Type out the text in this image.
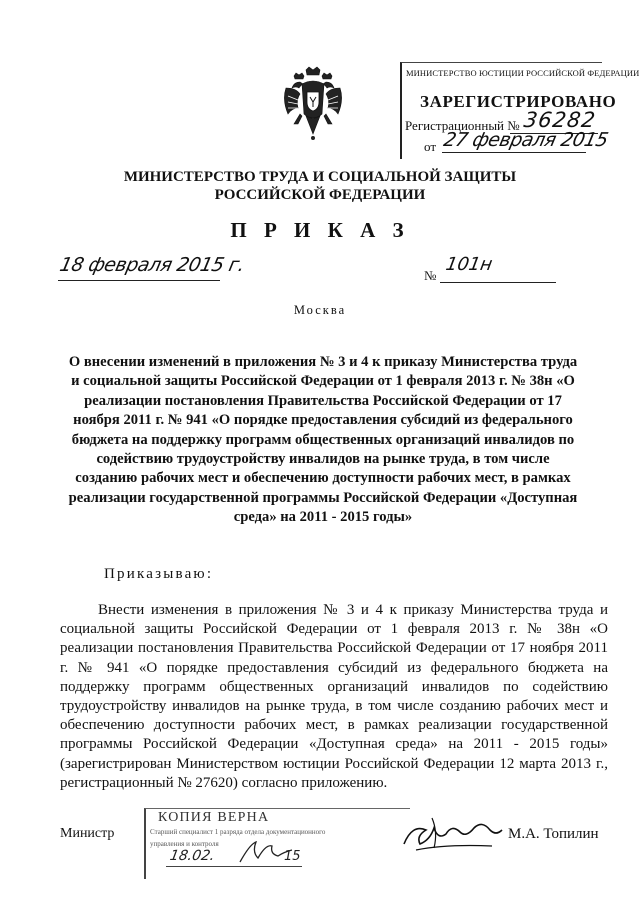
МИНИСТЕРСТВО ЮСТИЦИИ РОССИЙСКОЙ ФЕДЕРАЦИИ
ЗАРЕГИСТРИРОВАНО
Регистрационный № 36282
от 27 февраля 2015
МИНИСТЕРСТВО ТРУДА И СОЦИАЛЬНОЙ ЗАЩИТЫ
РОССИЙСКОЙ ФЕДЕРАЦИИ
П Р И К А З
18 февраля 2015 г.	№
101н
Москва
О внесении изменений в приложения № 3 и 4 к приказу Министерства труда и социальной защиты Российской Федерации от 1 февраля 2013 г. № 38н «О реализации постановления Правительства Российской Федерации от 17 ноября 2011 г. № 941 «О порядке предоставления субсидий из федерального бюджета на поддержку программ общественных организаций инвалидов по содействию трудоустройству инвалидов на рынке труда, в том числе созданию рабочих мест и обеспечению доступности рабочих мест, в рамках реализации государственной программы Российской Федерации «Доступная среда» на 2011 - 2015 годы»
Приказываю:
Внести изменения в приложения № 3 и 4 к приказу Министерства труда и социальной защиты Российской Федерации от 1 февраля 2013 г. № 38н «О реализации постановления Правительства Российской Федерации от 17 ноября 2011 г. № 941 «О порядке предоставления субсидий из федерального бюджета на поддержку программ общественных организаций инвалидов по содействию трудоустройству инвалидов на рынке труда, в том числе созданию рабочих мест и обеспечению доступности рабочих мест, в рамках реализации государственной программы Российской Федерации «Доступная среда» на 2011 - 2015 годы» (зарегистрирован Министерством юстиции Российской Федерации 12 марта 2013 г., регистрационный № 27620) согласно приложению.
КОПИЯ ВЕРНА
Старший специалист 1 разряда отдела документационного
управления и контроля
18.02.	15
Министр	М.А. Топилин
